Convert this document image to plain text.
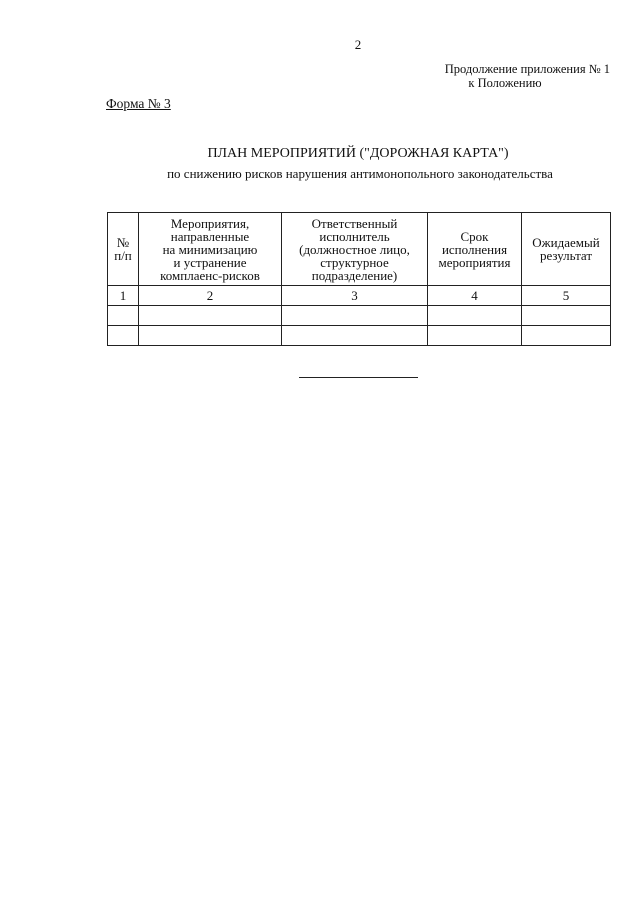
2
Продолжение приложения № 1
к Положению
Форма № 3
ПЛАН МЕРОПРИЯТИЙ ("ДОРОЖНАЯ КАРТА")
по снижению рисков нарушения антимонопольного законодательства
№
п/п	Мероприятия,
направленные
на минимизацию
и устранение
комплаенс-рисков	Ответственный
исполнитель
(должностное лицо,
структурное
подразделение)	Срок
исполнения
мероприятия	Ожидаемый
результат
1	2	3	4	5
